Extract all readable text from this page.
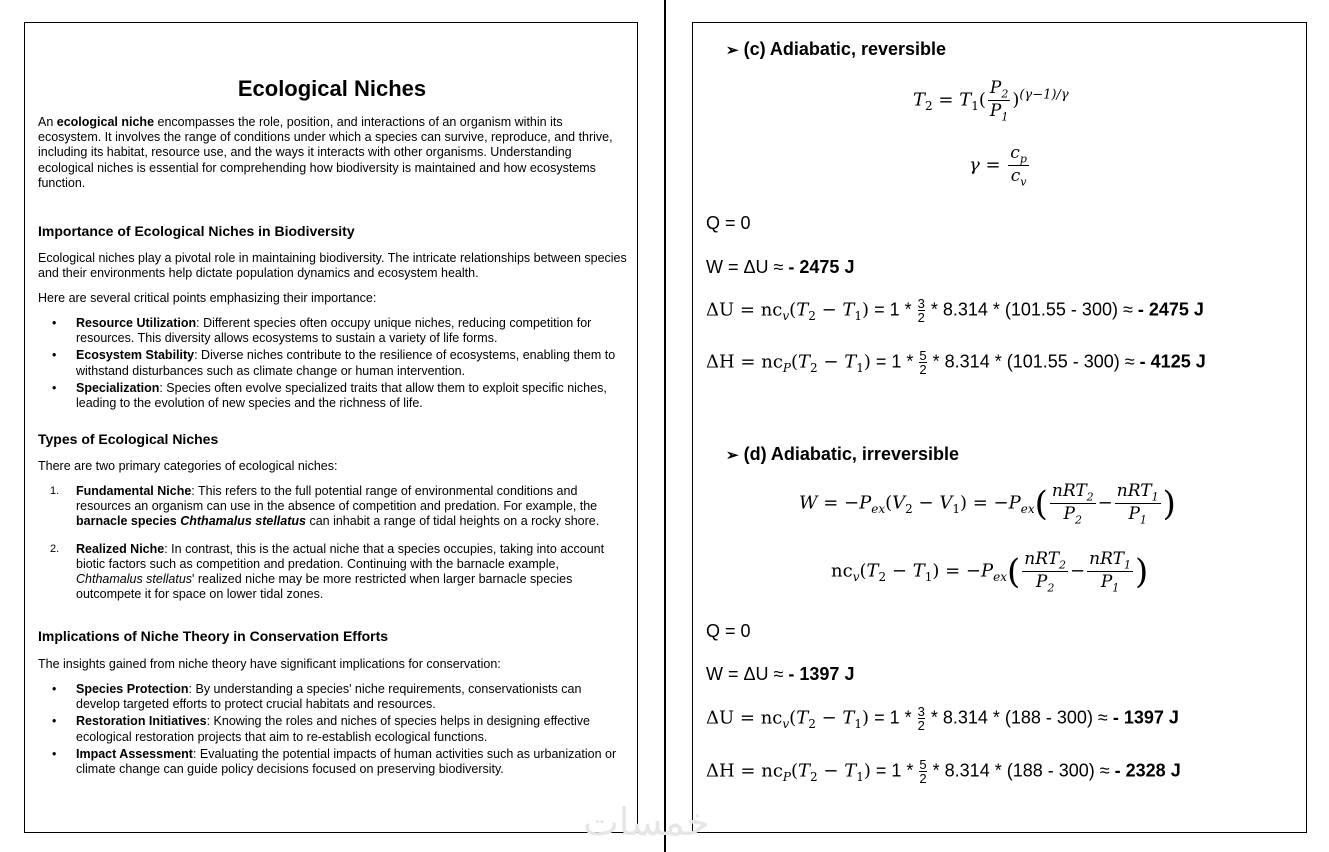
Ecological Niches
An ecological niche encompasses the role, position, and interactions of an organism within its ecosystem. It involves the range of conditions under which a species can survive, reproduce, and thrive, including its habitat, resource use, and the ways it interacts with other organisms. Understanding ecological niches is essential for comprehending how biodiversity is maintained and how ecosystems function.
Importance of Ecological Niches in Biodiversity
Ecological niches play a pivotal role in maintaining biodiversity. The intricate relationships between species and their environments help dictate population dynamics and ecosystem health.
Here are several critical points emphasizing their importance:
• Resource Utilization: Different species often occupy unique niches, reducing competition for resources. This diversity allows ecosystems to sustain a variety of life forms.
• Ecosystem Stability: Diverse niches contribute to the resilience of ecosystems, enabling them to withstand disturbances such as climate change or human intervention.
• Specialization: Species often evolve specialized traits that allow them to exploit specific niches, leading to the evolution of new species and the richness of life.
Types of Ecological Niches
There are two primary categories of ecological niches:
1. Fundamental Niche: This refers to the full potential range of environmental conditions and resources an organism can use in the absence of competition and predation. For example, the barnacle species Chthamalus stellatus can inhabit a range of tidal heights on a rocky shore.
2. Realized Niche: In contrast, this is the actual niche that a species occupies, taking into account biotic factors such as competition and predation. Continuing with the barnacle example, Chthamalus stellatus' realized niche may be more restricted when larger barnacle species outcompete it for space on lower tidal zones.
Implications of Niche Theory in Conservation Efforts
The insights gained from niche theory have significant implications for conservation:
• Species Protection: By understanding a species' niche requirements, conservationists can develop targeted efforts to protect crucial habitats and resources.
• Restoration Initiatives: Knowing the roles and niches of species helps in designing effective ecological restoration projects that aim to re-establish ecological functions.
• Impact Assessment: Evaluating the potential impacts of human activities such as urbanization or climate change can guide policy decisions focused on preserving biodiversity.
➢ (c) Adiabatic, reversible
$T_2 = T_1( \frac{P_2}{P_1} )^{(\gamma-1)/\gamma}$
$\gamma = \frac{c_p}{c_v}$
Q = 0
W = ΔU ≈ - 2475 J
$\Delta U = nc_v(T_2 - T_1) = 1 * \frac{3}{2} * 8.314 * (101.55 - 300)$ ≈ - 2475 J
$\Delta H = nc_P(T_2 - T_1) = 1 * \frac{5}{2} * 8.314 * (101.55 - 300)$ ≈ - 4125 J
➢ (d) Adiabatic, irreversible
$W = -P_{ex}(V_2 - V_1) = -P_{ex}( \frac{nRT_2}{P_2} - \frac{nRT_1}{P_1}$ )
$nc_v(T_2 - T_1) = -P_{ex}( \frac{nRT_2}{P_2} - \frac{nRT_1}{P_1}$ )
Q = 0
W = ΔU ≈ - 1397 J
$\Delta U = nc_v(T_2 - T_1) = 1 * \frac{3}{2} * 8.314 * (188 - 300)$ ≈ - 1397 J
$\Delta H = nc_P(T_2 - T_1) = 1 * \frac{5}{2} * 8.314 * (188 - 300)$ ≈ - 2328 J
خمسات
